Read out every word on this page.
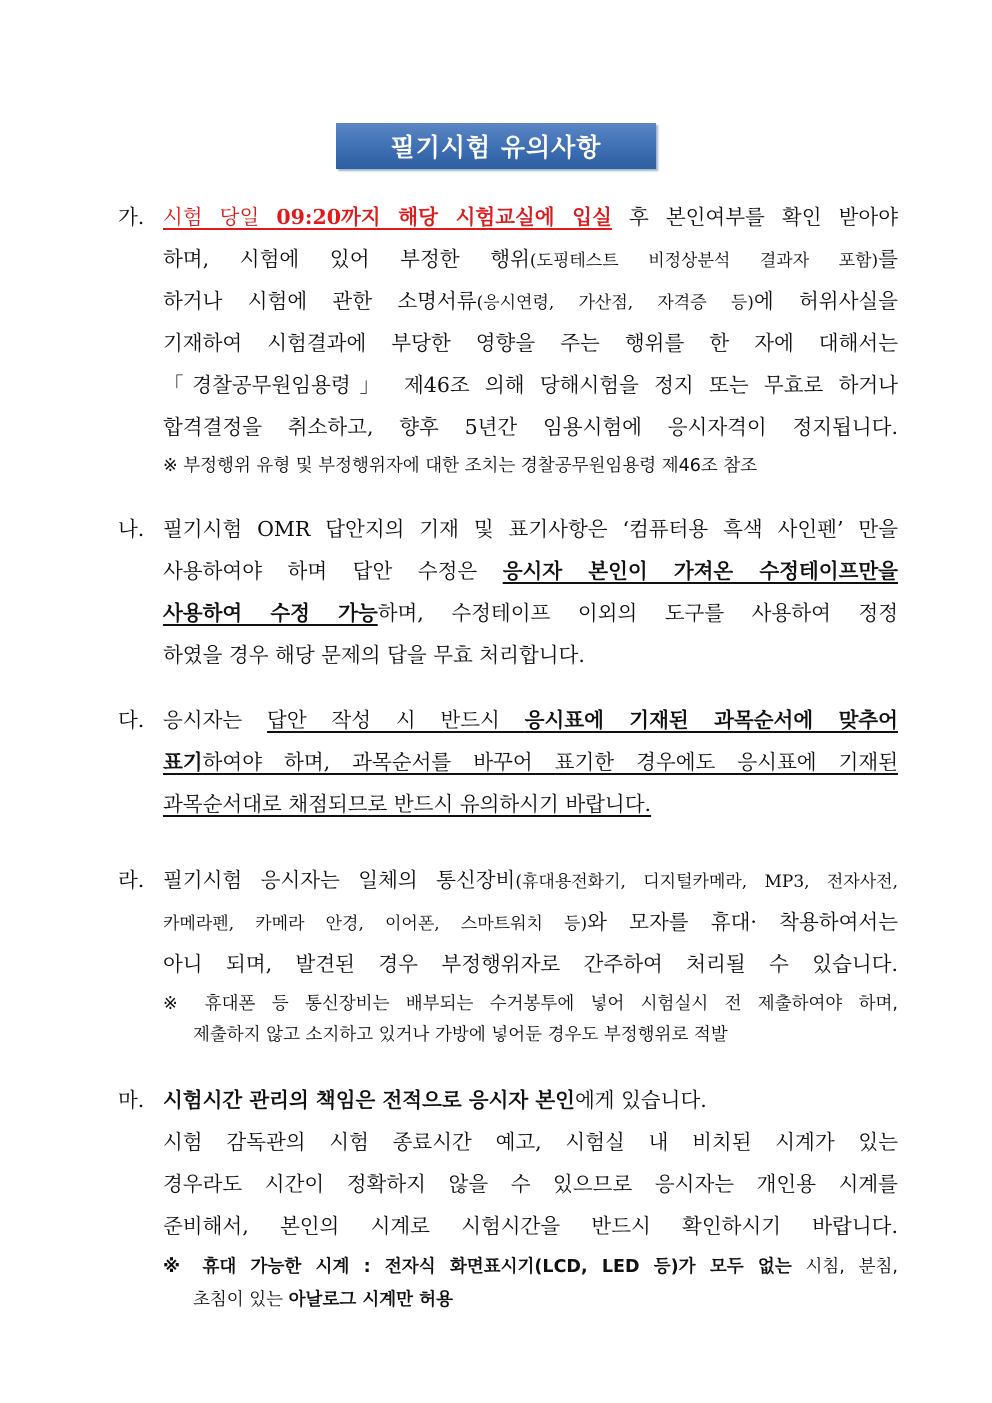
필기시험 유의사항
가. 시험 당일 09:20까지 해당 시험교실에 입실 후 본인여부를 확인 받아야
하며, 시험에 있어 부정한 행위(도핑테스트 비정상분석 결과자 포함)를
하거나 시험에 관한 소명서류(응시연령, 가산점, 자격증 등)에 허위사실을
기재하여 시험결과에 부당한 영향을 주는 행위를 한 자에 대해서는
「경찰공무원임용령」 제46조 의해 당해시험을 정지 또는 무효로 하거나
합격결정을 취소하고, 향후 5년간 임용시험에 응시자격이 정지됩니다.
※ 부정행위 유형 및 부정행위자에 대한 조치는 경찰공무원임용령 제46조 참조
나. 필기시험 OMR 답안지의 기재 및 표기사항은 ‘컴퓨터용 흑색 사인펜’ 만을
사용하여야 하며 답안 수정은 응시자 본인이 가져온 수정테이프만을
사용하여 수정 가능하며, 수정테이프 이외의 도구를 사용하여 정정
하였을 경우 해당 문제의 답을 무효 처리합니다.
다. 응시자는 답안 작성 시 반드시 응시표에 기재된 과목순서에 맞추어
표기하여야 하며, 과목순서를 바꾸어 표기한 경우에도 응시표에 기재된
과목순서대로 채점되므로 반드시 유의하시기 바랍니다.
라. 필기시험 응시자는 일체의 통신장비(휴대용전화기, 디지털카메라, MP3, 전자사전,
카메라펜, 카메라 안경, 이어폰, 스마트워치 등)와 모자를 휴대· 착용하여서는
아니 되며, 발견된 경우 부정행위자로 간주하여 처리될 수 있습니다.
※ 휴대폰 등 통신장비는 배부되는 수거봉투에 넣어 시험실시 전 제출하여야 하며,
제출하지 않고 소지하고 있거나 가방에 넣어둔 경우도 부정행위로 적발
마. 시험시간 관리의 책임은 전적으로 응시자 본인에게 있습니다.
시험 감독관의 시험 종료시간 예고, 시험실 내 비치된 시계가 있는
경우라도 시간이 정확하지 않을 수 있으므로 응시자는 개인용 시계를
준비해서, 본인의 시계로 시험시간을 반드시 확인하시기 바랍니다.
※ 휴대 가능한 시계 : 전자식 화면표시기(LCD, LED 등)가 모두 없는 시침, 분침,
초침이 있는 아날로그 시계만 허용
